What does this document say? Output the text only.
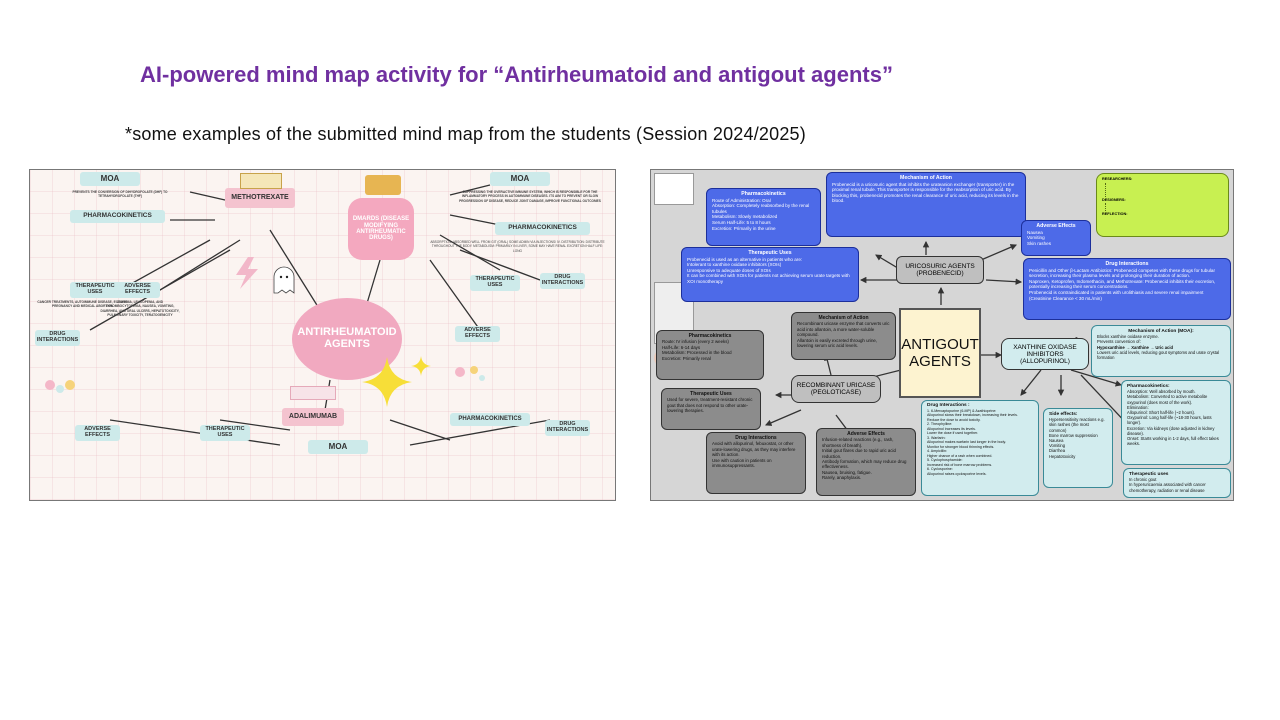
AI-powered mind map activity for “Antirheumatoid and antigout agents”

*some examples of the submitted mind map from the students (Session 2024/2025)

ANTIRHEUMATOID AGENTS
METHOTREXATE
DMARDS (DISEASE MODIFYING ANTIRHEUMATIC DRUGS)
ADALIMUMAB
MOA
PREVENTS THE CONVERSION OF DIHYDROFOLATE (DHF) TO TETRAHYDROFOLATE (THF)
MOA
SUPPRESSING THE OVERACTIVE IMMUNE SYSTEM, WHICH IS RESPONSIBLE FOR THE INFLAMMATORY PROCESS IN AUTOIMMUNE DISEASES. ITS AIM TO PREVENT OR SLOW PROGRESSION OF DISEASE, REDUCE JOINT DAMAGE, IMPROVE FUNCTIONAL OUTCOMES
MOA
PHARMACOKINETICS
PHARMACOKINETICS
ABSORPTION: ABSORBED WELL FROM GIT (ORAL) SOME ADMIN VIA INJECTIONS/ IV. DISTRIBUTION: DISTRIBUTE THROUGHOUT THE BODY. METABOLISM: PRIMARILY IN LIVER, SOME MAY HAVE RENAL EXCRETION HALF LIFE: LONG
PHARMACOKINETICS
THERAPEUTIC USES
CANCER TREATMENTS, AUTOIMMUNE DISEASE, ECTOPIC PREGNANCY AND MEDICAL ABORTION
THERAPEUTIC USES
THERAPEUTIC USES
ADVERSE EFFECTS
ANAEMIA, LEUKOPENIA, AND THROMBOCYTOPENIA, NAUSEA, VOMITING, DIARRHEA, AND ORAL ULCERS, HEPATOTOXICITY, PULMONARY TOXICITY, TERATOGENICITY
ADVERSE EFFECTS
ADVERSE EFFECTS
DRUG INTERACTIONS
DRUG INTERACTIONS
DRUG INTERACTIONS
ANTIGOUT AGENTS
URICOSURIC AGENTS (PROBENECID)
XANTHINE OXIDASE INHIBITORS (ALLOPURINOL)
RECOMBINANT URICASE (PEGLOTICASE)
Pharmacokinetics
Route of Administration: Oral
Absorption: Completely reabsorbed by the renal tubules
Metabolism: Slowly metabolized
Serum Half-Life: 5 to 8 hours
Excretion: Primarily in the urine
Mechanism of Action
Probenecid is a uricosuric agent that inhibits the urateanion exchanger (transporter) in the proximal renal tubule. This transporter is responsible for the reabsorption of uric acid. By blocking this, probenecid promotes the renal clearance of uric acid, reducing its levels in the blood.
Adverse Effects
Nausea
Vomiting
Skin rashes
Therapeutic Uses
Probenecid is used as an alternative in patients who are:
Intolerant to xanthine oxidase inhibitors (XOIs)
Unresponsive to adequate doses of XOIs
It can be combined with XOIs for patients not achieving serum urate targets with XOI monotherapy
Drug Interactions
Penicillin and Other β-Lactam Antibiotics: Probenecid competes with these drugs for tubular secretion, increasing their plasma levels and prolonging their duration of action.
Naproxen, Ketoprofen, Indomethacin, and Methotrexate: Probenecid inhibits their excretion, potentially increasing their serum concentrations.
Probenecid is contraindicated in patients with urolithiasis and severe renal impairment (Creatinine Clearance < 30 mL/min)
RESEARCHERS:
DESIGNERS:
REFLECTION:
Mechanism of Action
Recombinant uricase enzyme that converts uric acid into allantoin, a more water-soluble compound.
Allantoin is easily excreted through urine, lowering serum uric acid levels.
Pharmacokinetics
Route: IV infusion (every 2 weeks)
Half-Life: 6-14 days
Metabolism: Processed in the blood
Excretion: Primarily renal
Therapeutic Uses
Used for severe, treatment-resistant chronic gout that does not respond to other urate-lowering therapies.
Drug Interactions
Avoid with allopurinol, febuxostat, or other urate-lowering drugs, as they may interfere with its action.
Use with caution in patients on immunosuppressants.
Adverse Effects
Infusion-related reactions (e.g., rash, shortness of breath).
Initial gout flares due to rapid uric acid reduction.
Antibody formation, which may reduce drug effectiveness.
Nausea, bruising, fatigue.
Rarely, anaphylaxis.
Mechanism of Action (MOA):
Blocks xanthine oxidase enzyme.
Prevents conversion of:
Hypoxanthine → Xanthine → Uric acid
Lowers uric acid levels, reducing gout symptoms and urate crystal formation
Pharmacokinetics:
Absorption: Well absorbed by mouth.
Metabolism: Converted to active metabolite oxypurinol (does most of the work).
Elimination:
Allopurinol: Short half-life (~2 hours).
Oxypurinol: Long half-life (~18-30 hours, lasts longer).
Excretion: Via kidneys (dose adjusted in kidney disease).
Onset: Starts working in 1-2 days, full effect takes weeks.
Drug Interactions :
1. 6-Mercaptopurine (6-MP) & Azathioprine:
Allopurinol slows their breakdown, increasing their levels.
Reduce the dose to avoid toxicity.
2. Theophylline:
Allopurinol increases its levels.
Lower the dose if used together.
3. Warfarin:
Allopurinol makes warfarin last longer in the body.
Monitor for stronger blood thinning effects.
4. Ampicillin:
Higher chance of a rash when combined.
5. Cyclophosphamide:
Increased risk of bone marrow problems.
6. Cyclosporine:
Allopurinol raises cyclosporine levels.
Side effects:
Hypersensitivity reactions e.g. skin rashes (the most common)
Bone marrow suppression
Nausea
Vomiting
Diarrhea
Hepatotoxicity
Therapeutic uses
In chronic gout
In hyperuricaemia associated with cancer chemotherapy, radiation or renal disease
